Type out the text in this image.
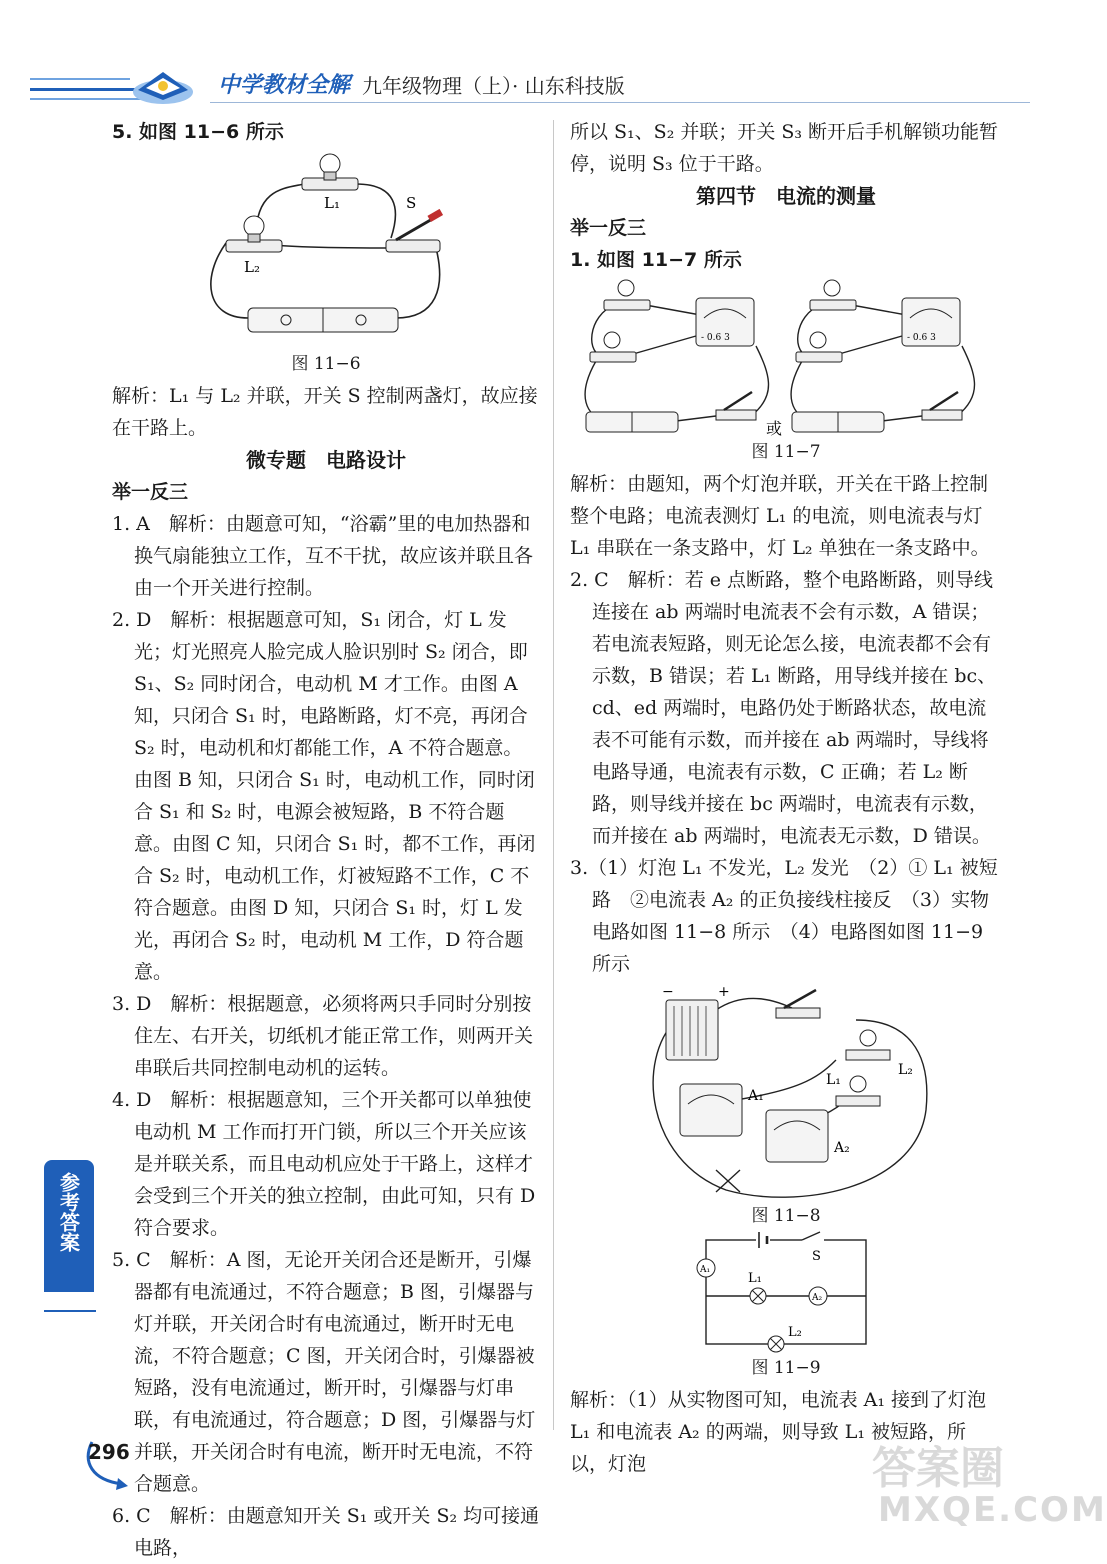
中学教材全解 九年级物理（上）· 山东科技版

5. 如图 11−6 所示

L₁
L₂
S

图 11−6

解析：L₁ 与 L₂ 并联，开关 S 控制两盏灯，故应接在干路上。

微专题　电路设计

举一反三

1. A　解析：由题意可知，“浴霸”里的电加热器和换气扇能独立工作，互不干扰，故应该并联且各由一个开关进行控制。

2. D　解析：根据题意可知，S₁ 闭合，灯 L 发光；灯光照亮人脸完成人脸识别时 S₂ 闭合，即 S₁、S₂ 同时闭合，电动机 M 才工作。由图 A 知，只闭合 S₁ 时，电路断路，灯不亮，再闭合 S₂ 时，电动机和灯都能工作，A 不符合题意。由图 B 知，只闭合 S₁ 时，电动机工作，同时闭合 S₁ 和 S₂ 时，电源会被短路，B 不符合题意。由图 C 知，只闭合 S₁ 时，都不工作，再闭合 S₂ 时，电动机工作，灯被短路不工作，C 不符合题意。由图 D 知，只闭合 S₁ 时，灯 L 发光，再闭合 S₂ 时，电动机 M 工作，D 符合题意。

3. D　解析：根据题意，必须将两只手同时分别按住左、右开关，切纸机才能正常工作，则两开关串联后共同控制电动机的运转。

4. D　解析：根据题意知，三个开关都可以单独使电动机 M 工作而打开门锁，所以三个开关应该是并联关系，而且电动机应处于干路上，这样才会受到三个开关的独立控制，由此可知，只有 D 符合要求。

5. C　解析：A 图，无论开关闭合还是断开，引爆器都有电流通过，不符合题意；B 图，引爆器与灯并联，开关闭合时有电流通过，断开时无电流，不符合题意；C 图，开关闭合时，引爆器被短路，没有电流通过，断开时，引爆器与灯串联，有电流通过，符合题意；D 图，引爆器与灯并联，开关闭合时有电流，断开时无电流，不符合题意。

6. C　解析：由题意知开关 S₁ 或开关 S₂ 均可接通电路，

所以 S₁、S₂ 并联；开关 S₃ 断开后手机解锁功能暂停，说明 S₃ 位于干路。

第四节　电流的测量

举一反三

1. 如图 11−7 所示

- 0.6 3
或
- 0.6 3

图 11−7

解析：由题知，两个灯泡并联，开关在干路上控制整个电路；电流表测灯 L₁ 的电流，则电流表与灯 L₁ 串联在一条支路中，灯 L₂ 单独在一条支路中。

2. C　解析：若 e 点断路，整个电路断路，则导线连接在 ab 两端时电流表不会有示数，A 错误；若电流表短路，则无论怎么接，电流表都不会有示数，B 错误；若 L₁ 断路，用导线并接在 bc、cd、ed 两端时，电路仍处于断路状态，故电流表不可能有示数，而并接在 ab 两端时，导线将电路导通，电流表有示数，C 正确；若 L₂ 断路，则导线并接在 bc 两端时，电流表有示数，而并接在 ab 两端时，电流表无示数，D 错误。

3.（1）灯泡 L₁ 不发光，L₂ 发光　（2）① L₁ 被短路　②电流表 A₂ 的正负接线柱接反　（3）实物电路如图 11−8 所示　（4）电路图如图 11−9 所示

−	+
L₂
L₁
A₁
A₂

图 11−8

S
A₁
L₁
A₂
L₂

图 11−9

解析：（1）从实物图可知，电流表 A₁ 接到了灯泡 L₁ 和电流表 A₂ 的两端，则导致 L₁ 被短路，所以，灯泡

参考答案
296	答案圈
MXQE.COM
